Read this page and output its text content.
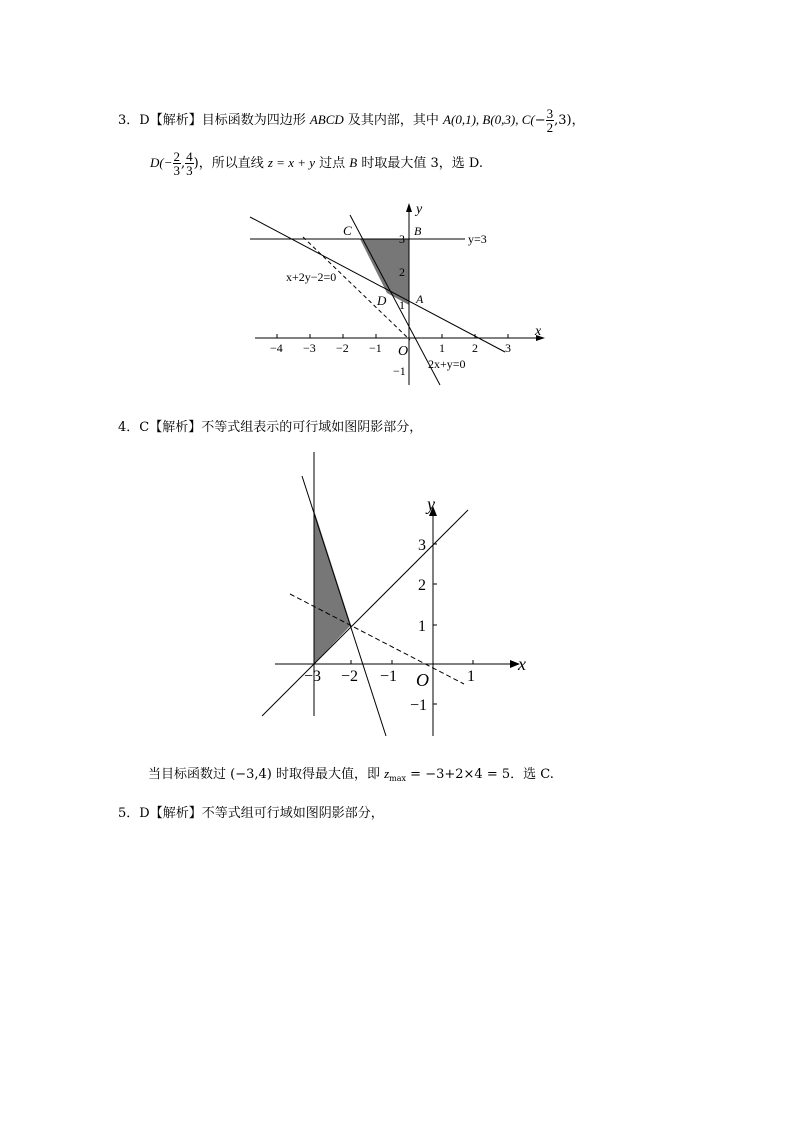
3．D【解析】目标函数为四边形 ABCD 及其内部，其中 A(0,1), B(0,3), $C(- \frac{3}{2} ,3)$，
$D(- \frac{2}{3}$ , $\frac{4}{3}$ )，所以直线 z = x + y 过点 B 时取最大值 3，选 D.
y
x
C	B
D A
O
y=3
x+2y−2=0
2x+y=0
−4 −3 −2 −1	1 2 3
3
2
1
−1
4．C【解析】不等式组表示的可行域如图阴影部分，
y
x
O
−3 −2 −1	1
3
2
1
−1
当目标函数过 (−3,4) 时取得最大值，即 $z_{max} = -3+2\times 4 = 5$．选 C.
5．D【解析】不等式组可行域如图阴影部分，
